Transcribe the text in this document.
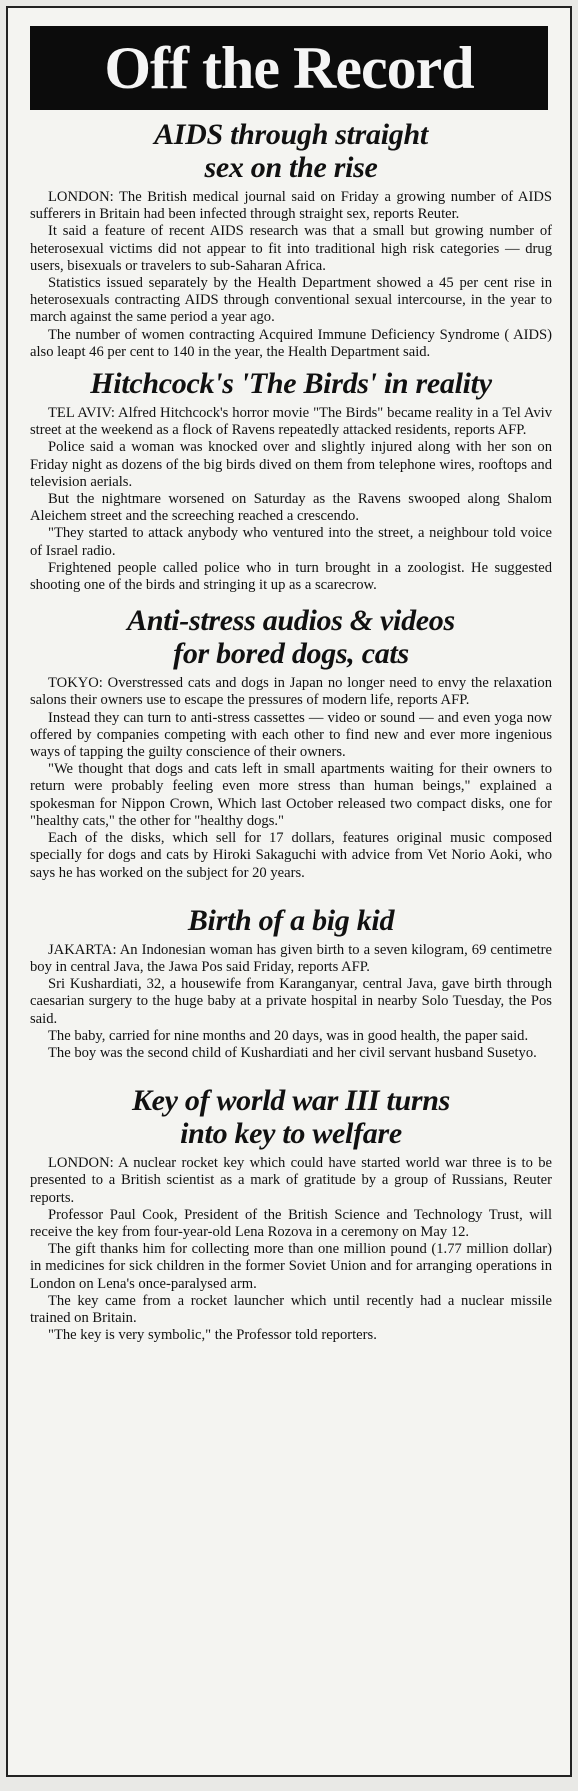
Off the Record
AIDS through straight
sex on the rise

LONDON: The British medical journal said on Friday a growing number of AIDS sufferers in Britain had been infected through straight sex, reports Reuter.

It said a feature of recent AIDS research was that a small but growing number of heterosexual victims did not appear to fit into traditional high risk categories — drug users, bisexuals or travelers to sub-Saharan Africa.

Statistics issued separately by the Health Department showed a 45 per cent rise in heterosexuals contracting AIDS through conventional sexual intercourse, in the year to march against the same period a year ago.

The number of women contracting Acquired Immune Deficiency Syndrome ( AIDS) also leapt 46 per cent to 140 in the year, the Health Department said.

Hitchcock's 'The Birds' in reality

TEL AVIV: Alfred Hitchcock's horror movie "The Birds" became reality in a Tel Aviv street at the weekend as a flock of Ravens repeatedly attacked residents, reports AFP.

Police said a woman was knocked over and slightly injured along with her son on Friday night as dozens of the big birds dived on them from telephone wires, rooftops and television aerials.

But the nightmare worsened on Saturday as the Ravens swooped along Shalom Aleichem street and the screeching reached a crescendo.

"They started to attack anybody who ventured into the street, a neighbour told voice of Israel radio.

Frightened people called police who in turn brought in a zoologist. He suggested shooting one of the birds and stringing it up as a scarecrow.

Anti-stress audios & videos
for bored dogs, cats

TOKYO: Overstressed cats and dogs in Japan no longer need to envy the relaxation salons their owners use to escape the pressures of modern life, reports AFP.

Instead they can turn to anti-stress cassettes — video or sound — and even yoga now offered by companies competing with each other to find new and ever more ingenious ways of tapping the guilty conscience of their owners.

"We thought that dogs and cats left in small apartments waiting for their owners to return were probably feeling even more stress than human beings," explained a spokesman for Nippon Crown, Which last October released two compact disks, one for "healthy cats," the other for "healthy dogs."

Each of the disks, which sell for 17 dollars, features original music composed specially for dogs and cats by Hiroki Sakaguchi with advice from Vet Norio Aoki, who says he has worked on the subject for 20 years.

Birth of a big kid

JAKARTA: An Indonesian woman has given birth to a seven kilogram, 69 centimetre boy in central Java, the Jawa Pos said Friday, reports AFP.

Sri Kushardiati, 32, a housewife from Karanganyar, central Java, gave birth through caesarian surgery to the huge baby at a private hospital in nearby Solo Tuesday, the Pos said.

The baby, carried for nine months and 20 days, was in good health, the paper said.

The boy was the second child of Kushardiati and her civil servant husband Susetyo.

Key of world war III turns
into key to welfare

LONDON: A nuclear rocket key which could have started world war three is to be presented to a British scientist as a mark of gratitude by a group of Russians, Reuter reports.

Professor Paul Cook, President of the British Science and Technology Trust, will receive the key from four-year-old Lena Rozova in a ceremony on May 12.

The gift thanks him for collecting more than one million pound (1.77 million dollar) in medicines for sick children in the former Soviet Union and for arranging operations in London on Lena's once-paralysed arm.

The key came from a rocket launcher which until recently had a nuclear missile trained on Britain.

"The key is very symbolic," the Professor told reporters.
